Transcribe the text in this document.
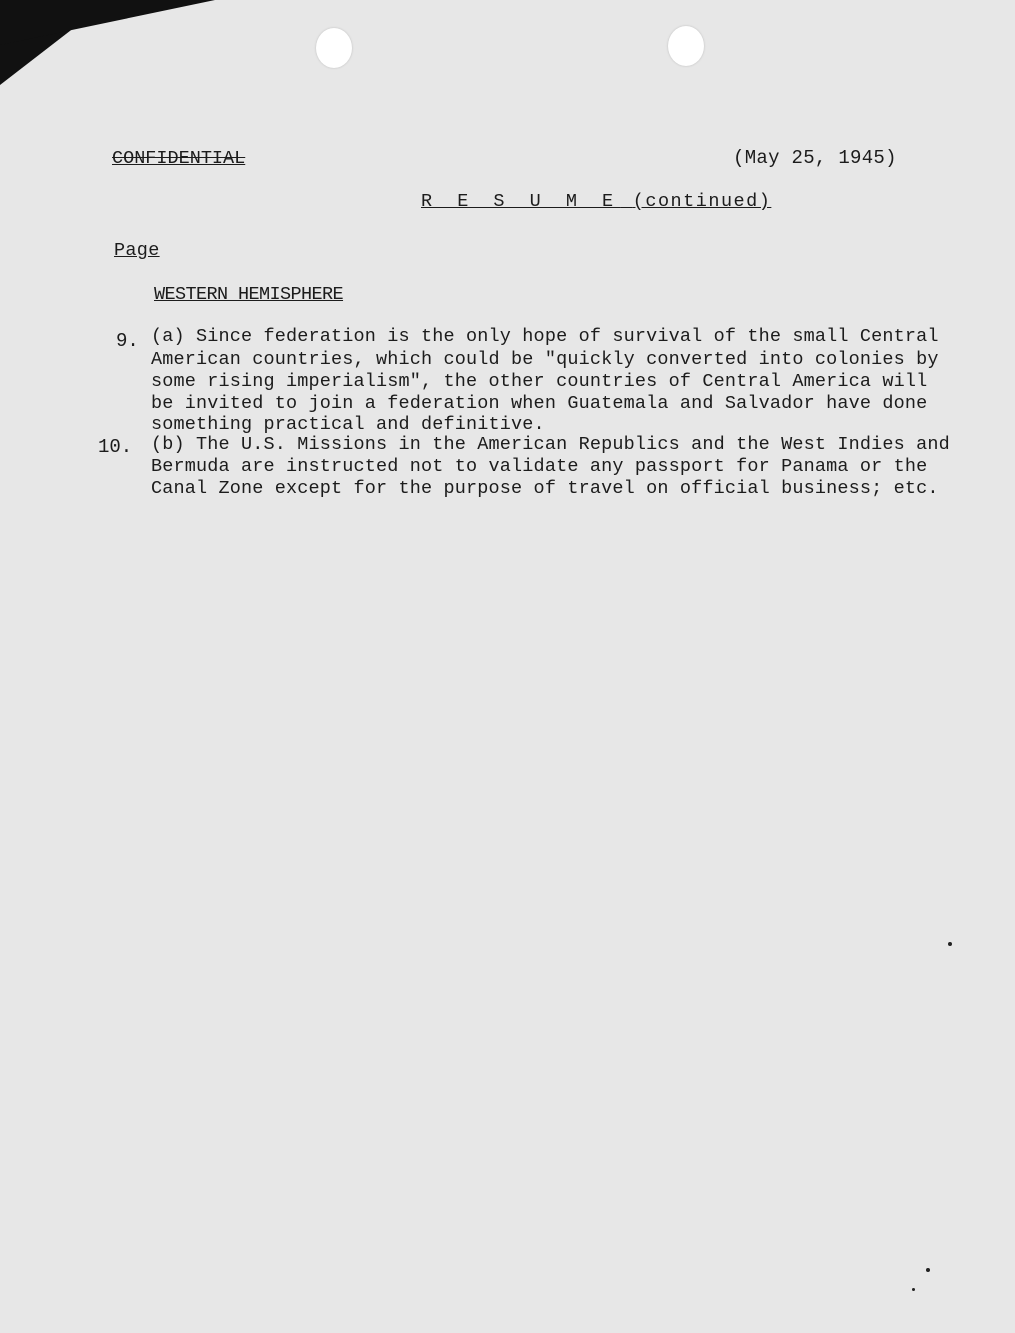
CONFIDENTIAL	(May 25, 1945)
R E S U M E (continued)
Page
WESTERN HEMISPHERE
9. (a) Since federation is the only hope of survival of the small Central
American countries, which could be "quickly converted into colonies by
some rising imperialism", the other countries of Central America will
be invited to join a federation when Guatemala and Salvador have done
something practical and definitive.
10. (b) The U.S. Missions in the American Republics and the West Indies and
Bermuda are instructed not to validate any passport for Panama or the
Canal Zone except for the purpose of travel on official business; etc.
